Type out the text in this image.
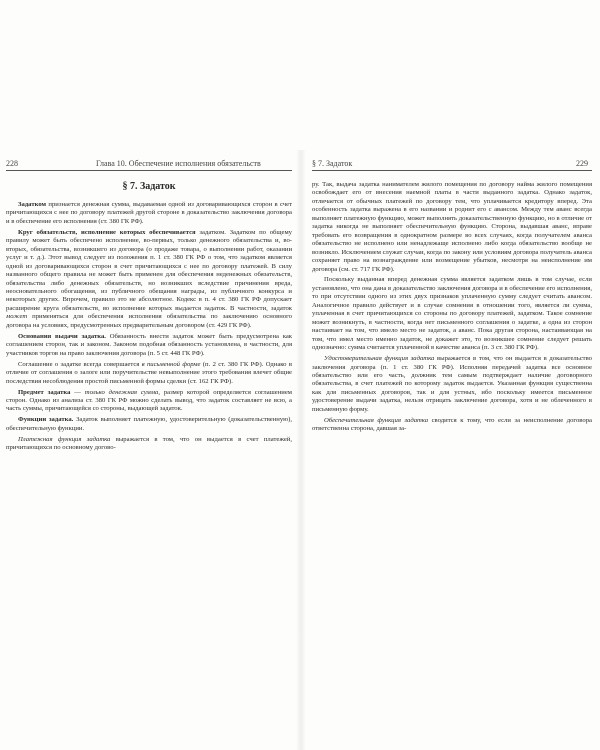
228	Глава 10. Обеспечение исполнения обязательств
§ 7. Задаток

Задатком признается денежная сумма, выдаваемая одной из договаривающихся сторон в счет причитающихся с нее по договору платежей другой стороне в доказательство заключения договора и в обеспечение его исполнения (ст. 380 ГК РФ).

Круг обязательств, исполнение которых обеспечивается задатком. Задатком по общему правилу может быть обеспечено исполнение, во-первых, только денежного обязательства и, во-вторых, обязательства, возникшего из договора (о продаже товара, о выполнении работ, оказании услуг и т. д.). Этот вывод следует из положения п. 1 ст. 380 ГК РФ о том, что задатком является одной из договаривающихся сторон в счет причитающихся с нее по договору платежей. В силу названного общего правила не может быть применен для обеспечения неденежных обязательств, обязательства либо денежных обязательств, но возникших вследствие причинения вреда, неосновательного обогащения, из публичного обещания награды, из публичного конкурса и некоторых других. Впрочем, правило это не абсолютное. Кодекс в п. 4 ст. 380 ГК РФ допускает расширение круга обязательств, во исполнение которых выдается задаток. В частности, задаток может применяться для обеспечения исполнения обязательства по заключению основного договора на условиях, предусмотренных предварительным договором (ст. 429 ГК РФ).

Основания выдачи задатка. Обязанность внести задаток может быть предусмотрена как соглашением сторон, так и законом. Законом подобная обязанность установлена, в частности, для участников торгов на право заключения договора (п. 5 ст. 448 ГК РФ).

Соглашение о задатке всегда совершается в письменной форме (п. 2 ст. 380 ГК РФ). Однако в отличие от соглашения о залоге или поручительстве невыполнение этого требования влечет общие последствия несоблюдения простой письменной формы сделки (ст. 162 ГК РФ).

Предмет задатка — только денежная сумма, размер которой определяется соглашением сторон. Однако из анализа ст. 380 ГК РФ можно сделать вывод, что задаток составляет не всю, а часть суммы, причитающейся со стороны, выдающей задаток.

Функции задатка. Задаток выполняет платежную, удостоверительную (доказательственную), обеспечительную функции.

Платежная функция задатка выражается в том, что он выдается в счет платежей, причитающихся по основному догово-

§ 7. Задаток	229

ру. Так, выдача задатка нанимателем жилого помещения по договору найма жилого помещения освобождает его от внесения наемной платы в части выданного задатка. Однако задаток, отличается от обычных платежей по договору тем, что уплачивается кредитору вперед. Эта особенность задатка выражена в его названии и роднит его с авансом. Между тем аванс всегда выполняет платежную функцию, может выполнять доказательственную функцию, но в отличие от задатка никогда не выполняет обеспечительную функцию. Сторона, выдавшая аванс, вправе требовать его возвращения в однократном размере во всех случаях, когда получателем аванса обязательство не исполнено или ненадлежаще исполнено либо когда обязательство вообще не возникло. Исключением служат случаи, когда по закону или условиям договора получатель аванса сохраняет право на вознаграждение или возмещение убытков, несмотря на неисполнение им договора (см. ст. 717 ГК РФ).

Поскольку выданная вперед денежная сумма является задатком лишь в том случае, если установлено, что она дана в доказательство заключения договора и в обеспечение его исполнения, то при отсутствии одного из этих двух признаков уплаченную сумму следует считать авансом. Аналогичное правило действует и в случае сомнения в отношении того, является ли сумма, уплаченная в счет причитающихся со стороны по договору платежей, задатком. Такое сомнение может возникнуть, в частности, когда нет письменного соглашения о задатке, а одна из сторон настаивает на том, что имело место не задаток, а аванс. Пока другая сторона, настаивающая на том, что имел место именно задаток, не докажет это, то возникшее сомнение следует решать однозначно: сумма считается уплаченной в качестве аванса (п. 3 ст. 380 ГК РФ).

Удостоверительная функция задатка выражается в том, что он выдается в доказательство заключения договора (п. 1 ст. 380 ГК РФ). Исполняя передачей задатка все основное обязательство или его часть, должник тем самым подтверждает наличие договорного обязательства, в счет платежей по которому задаток выдается. Указанная функция существенна как для письменных договоров, так и для устных, ибо поскольку имеется письменное удостоверение выдачи задатка, нельзя отрицать заключение договора, хотя и не облеченного в письменную форму.

Обеспечительная функция задатка сводится к тому, что если за неисполнение договора ответственна сторона, давшая за-
